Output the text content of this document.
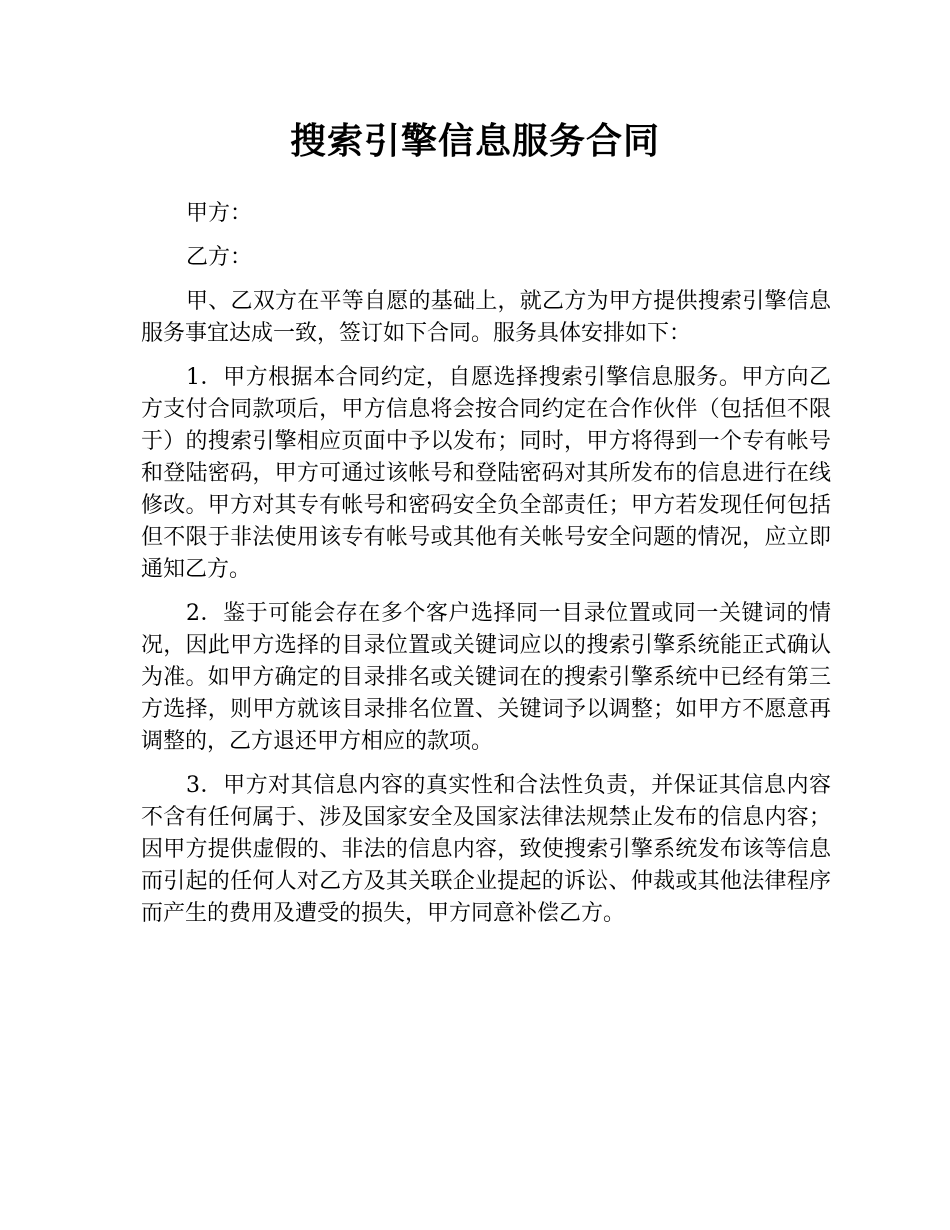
搜索引擎信息服务合同

甲方：

乙方：

甲、乙双方在平等自愿的基础上，就乙方为甲方提供搜索引擎信息服务事宜达成一致，签订如下合同。服务具体安排如下：

1．甲方根据本合同约定，自愿选择搜索引擎信息服务。甲方向乙方支付合同款项后，甲方信息将会按合同约定在合作伙伴（包括但不限于）的搜索引擎相应页面中予以发布；同时，甲方将得到一个专有帐号和登陆密码，甲方可通过该帐号和登陆密码对其所发布的信息进行在线修改。甲方对其专有帐号和密码安全负全部责任；甲方若发现任何包括但不限于非法使用该专有帐号或其他有关帐号安全问题的情况，应立即通知乙方。

2．鉴于可能会存在多个客户选择同一目录位置或同一关键词的情况，因此甲方选择的目录位置或关键词应以的搜索引擎系统能正式确认为准。如甲方确定的目录排名或关键词在的搜索引擎系统中已经有第三方选择，则甲方就该目录排名位置、关键词予以调整；如甲方不愿意再调整的，乙方退还甲方相应的款项。

3．甲方对其信息内容的真实性和合法性负责，并保证其信息内容不含有任何属于、涉及国家安全及国家法律法规禁止发布的信息内容；因甲方提供虚假的、非法的信息内容，致使搜索引擎系统发布该等信息而引起的任何人对乙方及其关联企业提起的诉讼、仲裁或其他法律程序而产生的费用及遭受的损失，甲方同意补偿乙方。
